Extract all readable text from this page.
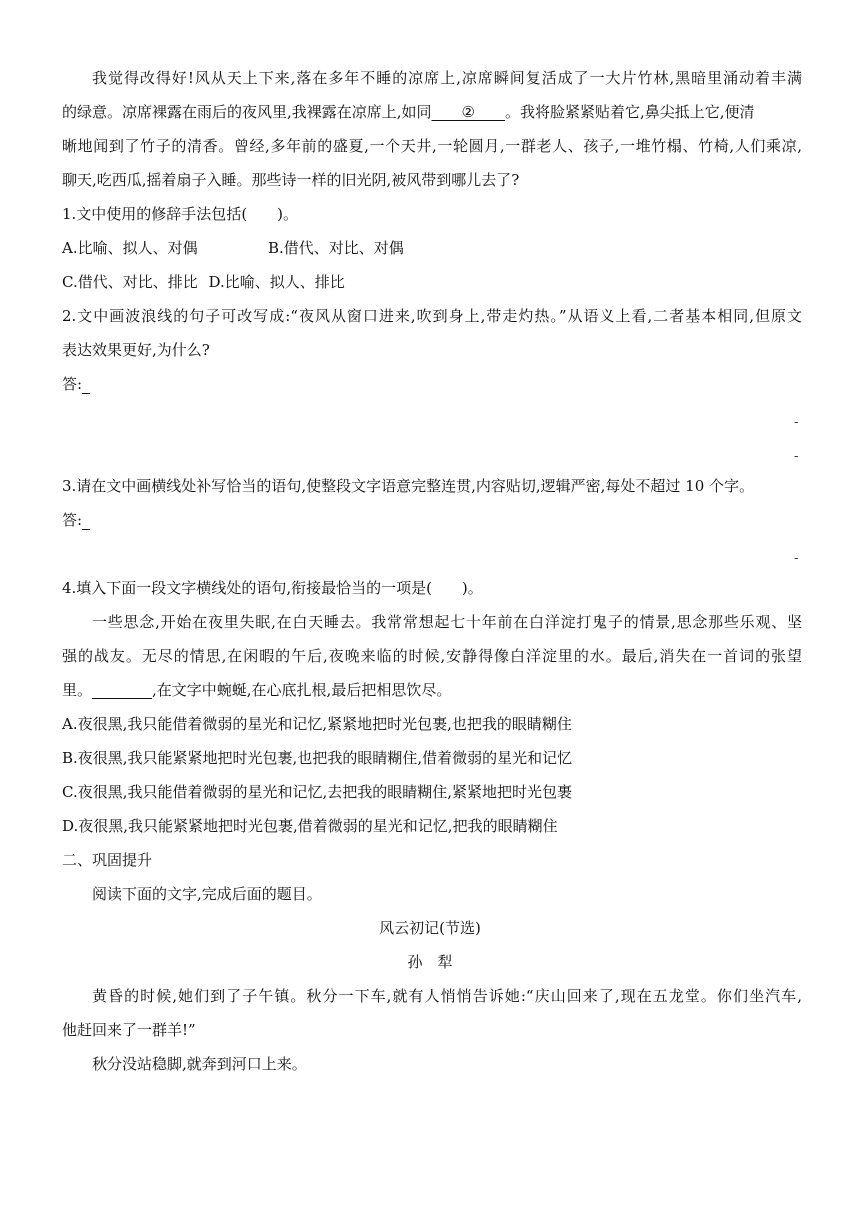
我觉得改得好!风从天上下来,落在多年不睡的凉席上,凉席瞬间复活成了一大片竹林,黑暗里涌动着丰满
的绿意。凉席裸露在雨后的夜风里,我裸露在凉席上,如同____②____。我将脸紧紧贴着它,鼻尖抵上它,便清
晰地闻到了竹子的清香。曾经,多年前的盛夏,一个天井,一轮圆月,一群老人、孩子,一堆竹榻、竹椅,人们乘凉,
聊天,吃西瓜,摇着扇子入睡。那些诗一样的旧光阴,被风带到哪儿去了?
1.文中使用的修辞手法包括(　　)。
A.比喻、拟人、对偶	B.借代、对比、对偶
C.借代、对比、排比 D.比喻、拟人、排比
2.文中画波浪线的句子可改写成:“夜风从窗口进来,吹到身上,带走灼热。”从语义上看,二者基本相同,但原文
表达效果更好,为什么?
答:
-
-
3.请在文中画横线处补写恰当的语句,使整段文字语意完整连贯,内容贴切,逻辑严密,每处不超过 10 个字。
答:
-
4.填入下面一段文字横线处的语句,衔接最恰当的一项是(　　)。
一些思念,开始在夜里失眠,在白天睡去。我常常想起七十年前在白洋淀打鬼子的情景,思念那些乐观、坚
强的战友。无尽的情思,在闲暇的午后,夜晚来临的时候,安静得像白洋淀里的水。最后,消失在一首词的张望
里。________,在文字中蜿蜒,在心底扎根,最后把相思饮尽。
A.夜很黑,我只能借着微弱的星光和记忆,紧紧地把时光包裹,也把我的眼睛糊住
B.夜很黑,我只能紧紧地把时光包裹,也把我的眼睛糊住,借着微弱的星光和记忆
C.夜很黑,我只能借着微弱的星光和记忆,去把我的眼睛糊住,紧紧地把时光包裹
D.夜很黑,我只能紧紧地把时光包裹,借着微弱的星光和记忆,把我的眼睛糊住
二、巩固提升
阅读下面的文字,完成后面的题目。
风云初记(节选)
孙　犁
黄昏的时候,她们到了子午镇。秋分一下车,就有人悄悄告诉她:“庆山回来了,现在五龙堂。你们坐汽车,
他赶回来了一群羊!”
秋分没站稳脚,就奔到河口上来。
